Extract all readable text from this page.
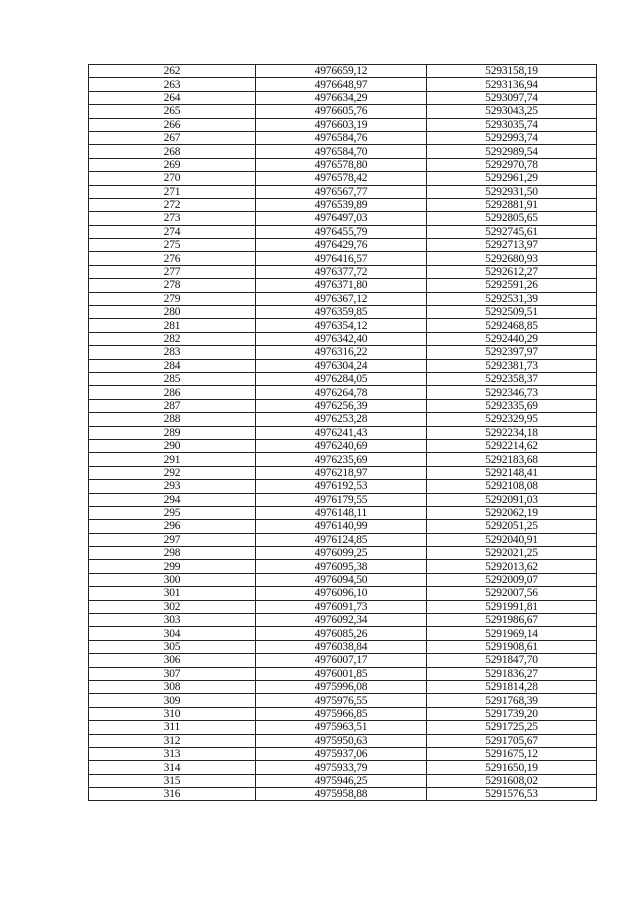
262	4976659,12	5293158,19
263	4976648,97	5293136,94
264	4976634,29	5293097,74
265	4976605,76	5293043,25
266	4976603,19	5293035,74
267	4976584,76	5292993,74
268	4976584,70	5292989,54
269	4976578,80	5292970,78
270	4976578,42	5292961,29
271	4976567,77	5292931,50
272	4976539,89	5292881,91
273	4976497,03	5292805,65
274	4976455,79	5292745,61
275	4976429,76	5292713,97
276	4976416,57	5292680,93
277	4976377,72	5292612,27
278	4976371,80	5292591,26
279	4976367,12	5292531,39
280	4976359,85	5292509,51
281	4976354,12	5292468,85
282	4976342,40	5292440,29
283	4976316,22	5292397,97
284	4976304,24	5292381,73
285	4976284,05	5292358,37
286	4976264,78	5292346,73
287	4976256,39	5292335,69
288	4976253,28	5292329,95
289	4976241,43	5292234,18
290	4976240,69	5292214,62
291	4976235,69	5292183,68
292	4976218,97	5292148,41
293	4976192,53	5292108,08
294	4976179,55	5292091,03
295	4976148,11	5292062,19
296	4976140,99	5292051,25
297	4976124,85	5292040,91
298	4976099,25	5292021,25
299	4976095,38	5292013,62
300	4976094,50	5292009,07
301	4976096,10	5292007,56
302	4976091,73	5291991,81
303	4976092,34	5291986,67
304	4976085,26	5291969,14
305	4976038,84	5291908,61
306	4976007,17	5291847,70
307	4976001,85	5291836,27
308	4975996,08	5291814,28
309	4975976,55	5291768,39
310	4975966,85	5291739,20
311	4975963,51	5291725,25
312	4975950,63	5291705,67
313	4975937,06	5291675,12
314	4975933,79	5291650,19
315	4975946,25	5291608,02
316	4975958,88	5291576,53
